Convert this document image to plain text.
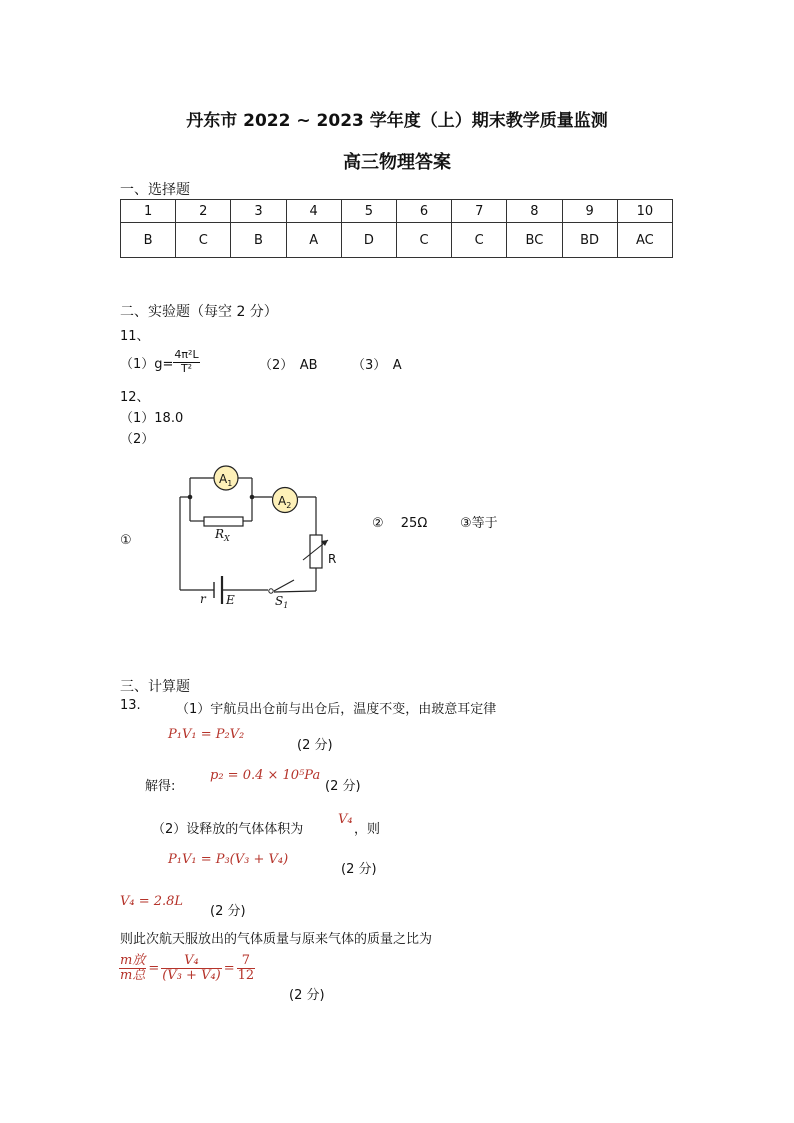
丹东市 2022 ~ 2023 学年度（上）期末教学质量监测
高三物理答案
一、选择题
1	2	3	4	5	6	7	8	9	10
B	C	B	A	D	C	C	BC	BD	AC
二、实验题（每空 2 分）
11、
$(1)g= \frac{\text{4π²L}}{\text{T²}}$	（2）　AB	（3）　A
12、
（1）18.0
（2）
①
②　 25Ω	③等于
$A_1$
$A_2$
R
$R_X$
r E	$S_1$
三、计算题
13.	（1）宇航员出仓前与出仓后，温度不变，由玻意耳定律
P₁V₁ = P₂V₂
(2 分)
解得:
p₂ = 0.4 × 10⁵Pa
(2 分)
（2）设释放的气体体积为
V₄
，则
P₁V₁ = P₃(V₃ + V₄)
(2 分)
V₄ = 2.8L
(2 分)
则此次航天服放出的气体质量与原来气体的质量之比为
$\frac{\text{m放}}{\text{m总}} = \frac{\text{V₄}}{\text{(V₃ + V₄)}} = \frac{7}{12}$
(2 分)
